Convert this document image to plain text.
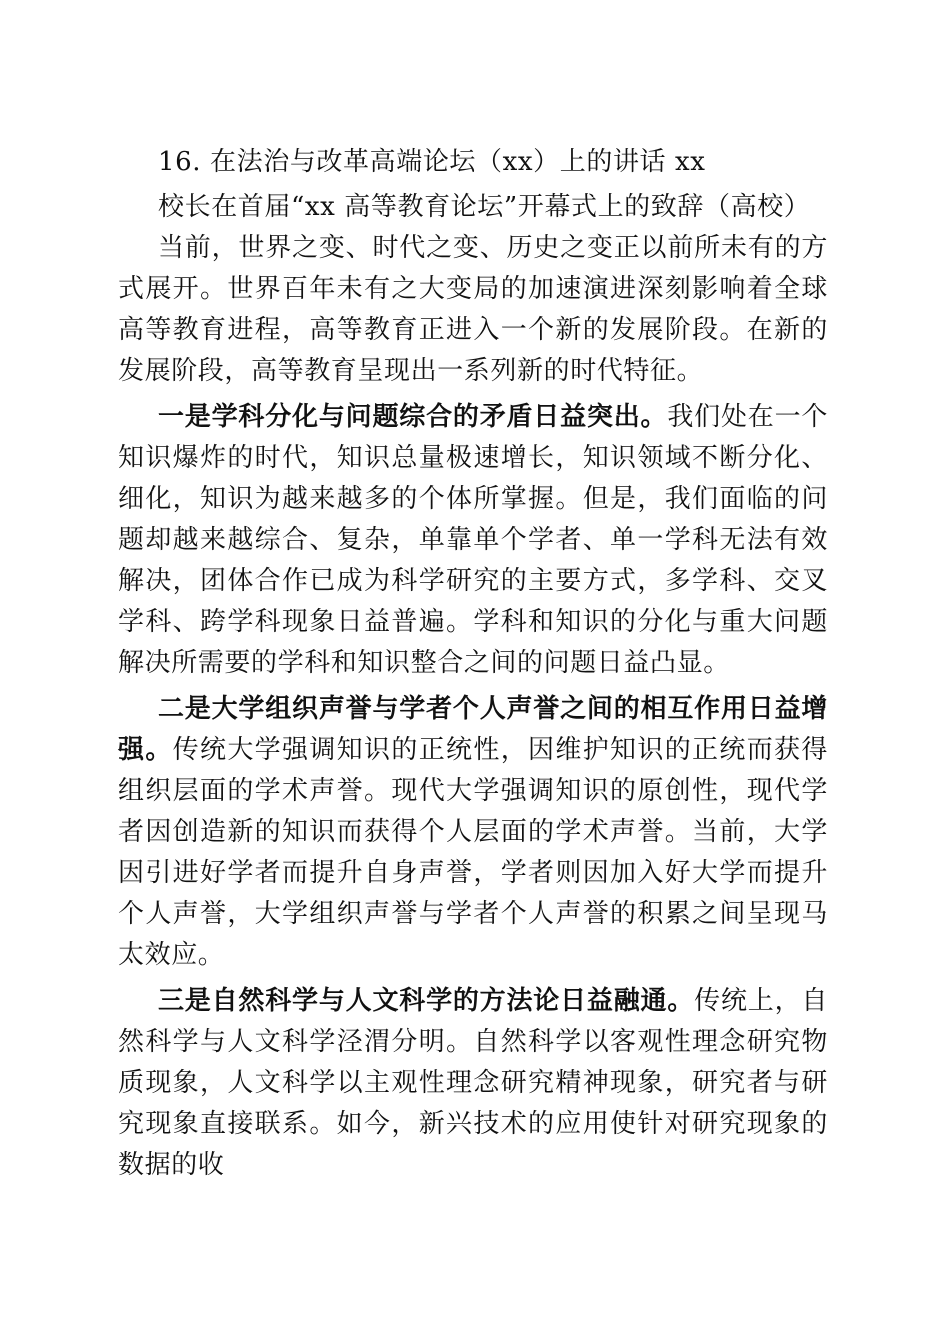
16. 在法治与改革高端论坛（xx）上的讲话 xx
校长在首届“xx 高等教育论坛”开幕式上的致辞（高校）

当前，世界之变、时代之变、历史之变正以前所未有的方式展开。世界百年未有之大变局的加速演进深刻影响着全球高等教育进程，高等教育正进入一个新的发展阶段。在新的发展阶段，高等教育呈现出一系列新的时代特征。

一是学科分化与问题综合的矛盾日益突出。我们处在一个知识爆炸的时代，知识总量极速增长，知识领域不断分化、细化，知识为越来越多的个体所掌握。但是，我们面临的问题却越来越综合、复杂，单靠单个学者、单一学科无法有效解决，团体合作已成为科学研究的主要方式，多学科、交叉学科、跨学科现象日益普遍。学科和知识的分化与重大问题解决所需要的学科和知识整合之间的问题日益凸显。

二是大学组织声誉与学者个人声誉之间的相互作用日益增强。传统大学强调知识的正统性，因维护知识的正统而获得组织层面的学术声誉。现代大学强调知识的原创性，现代学者因创造新的知识而获得个人层面的学术声誉。当前，大学因引进好学者而提升自身声誉，学者则因加入好大学而提升个人声誉，大学组织声誉与学者个人声誉的积累之间呈现马太效应。

三是自然科学与人文科学的方法论日益融通。传统上，自然科学与人文科学泾渭分明。自然科学以客观性理念研究物质现象，人文科学以主观性理念研究精神现象，研究者与研究现象直接联系。如今，新兴技术的应用使针对研究现象的数据的收
